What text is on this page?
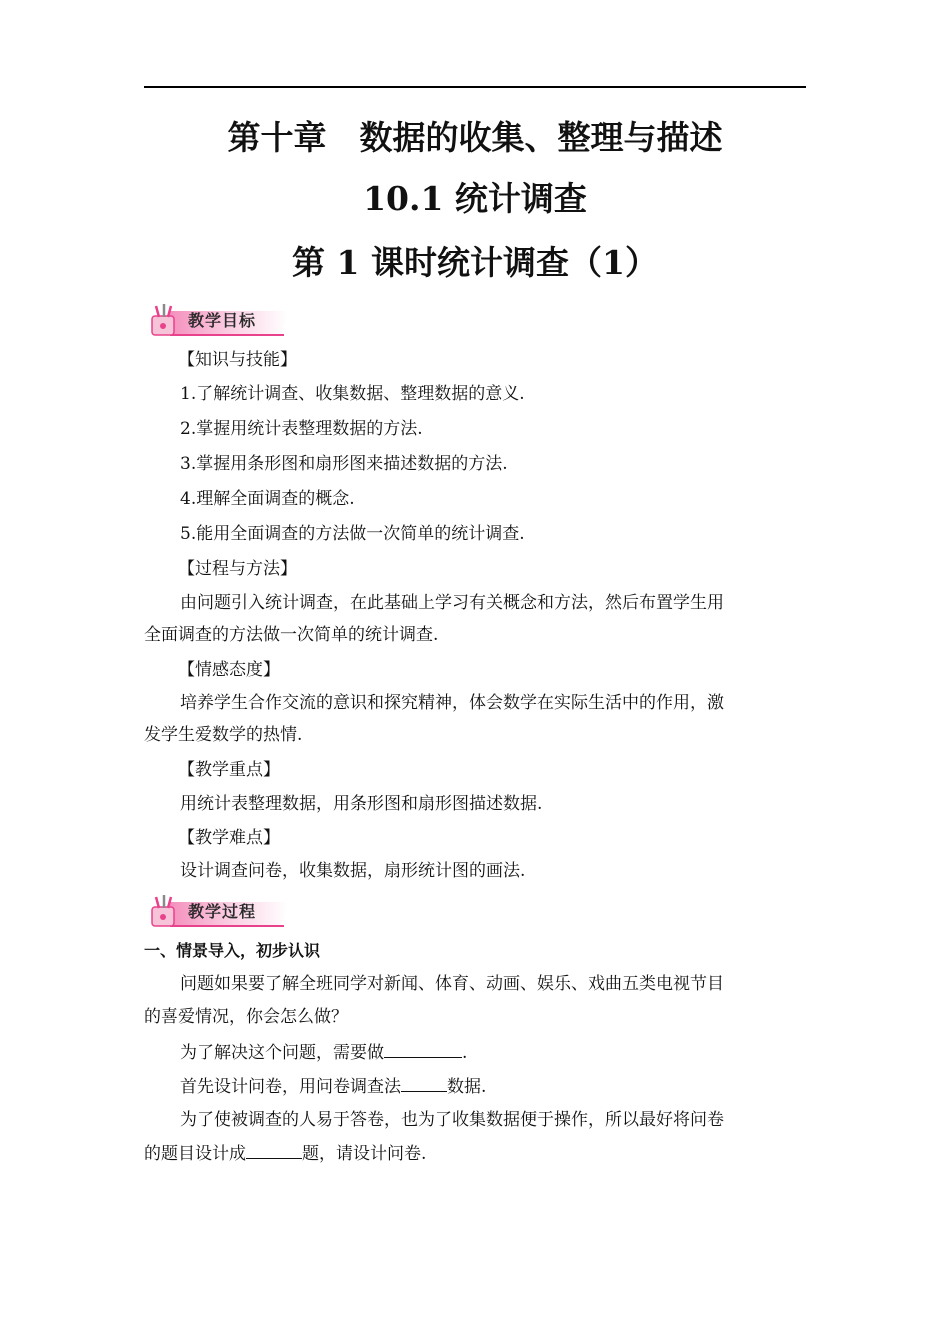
第十章　数据的收集、整理与描述
10.1 统计调查
第 1 课时统计调查（1）
教学目标
【知识与技能】
1.了解统计调查、收集数据、整理数据的意义.
2.掌握用统计表整理数据的方法.
3.掌握用条形图和扇形图来描述数据的方法.
4.理解全面调查的概念.
5.能用全面调查的方法做一次简单的统计调查.
【过程与方法】
由问题引入统计调查，在此基础上学习有关概念和方法，然后布置学生用
全面调查的方法做一次简单的统计调查.
【情感态度】
培养学生合作交流的意识和探究精神，体会数学在实际生活中的作用，激
发学生爱数学的热情.
【教学重点】
用统计表整理数据，用条形图和扇形图描述数据.
【教学难点】
设计调查问卷，收集数据，扇形统计图的画法.
教学过程
一、情景导入，初步认识
问题如果要了解全班同学对新闻、体育、动画、娱乐、戏曲五类电视节目
的喜爱情况，你会怎么做？
为了解决这个问题，需要做	.
首先设计问卷，用问卷调查法	数据.
为了使被调查的人易于答卷，也为了收集数据便于操作，所以最好将问卷
的题目设计成	题，请设计问卷.
